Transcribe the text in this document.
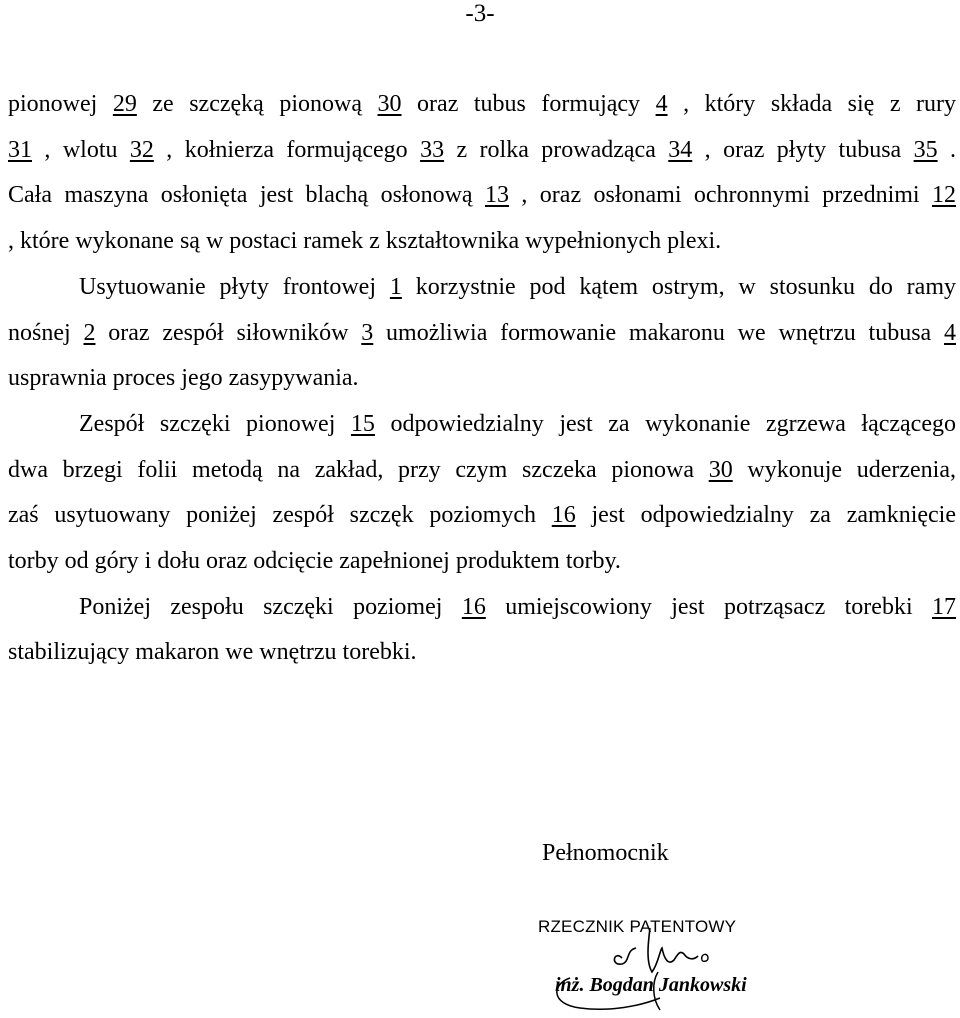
-3-

pionowej 29 ze szczęką pionową 30 oraz tubus formujący 4 , który składa się z rury

31 , wlotu 32 , kołnierza formującego 33 z rolka prowadząca 34 , oraz płyty tubusa 35 .

Cała maszyna osłonięta jest blachą osłonową 13 , oraz osłonami ochronnymi przednimi 12

, które wykonane są w postaci ramek z kształtownika wypełnionych plexi.

Usytuowanie płyty frontowej 1 korzystnie pod kątem ostrym, w stosunku do ramy

nośnej 2 oraz zespół siłowników 3 umożliwia formowanie makaronu we wnętrzu tubusa 4

usprawnia proces jego zasypywania.

Zespół szczęki pionowej 15 odpowiedzialny jest za wykonanie zgrzewa łączącego

dwa brzegi folii metodą na zakład, przy czym szczeka pionowa 30 wykonuje uderzenia,

zaś usytuowany poniżej zespół szczęk poziomych 16 jest odpowiedzialny za zamknięcie

torby od góry i dołu oraz odcięcie zapełnionej produktem torby.

Poniżej zespołu szczęki poziomej 16 umiejscowiony jest potrząsacz torebki 17

stabilizujący makaron we wnętrzu torebki.

Pełnomocnik
RZECZNIK PATENTOWY
inż. Bogdan Jankowski
